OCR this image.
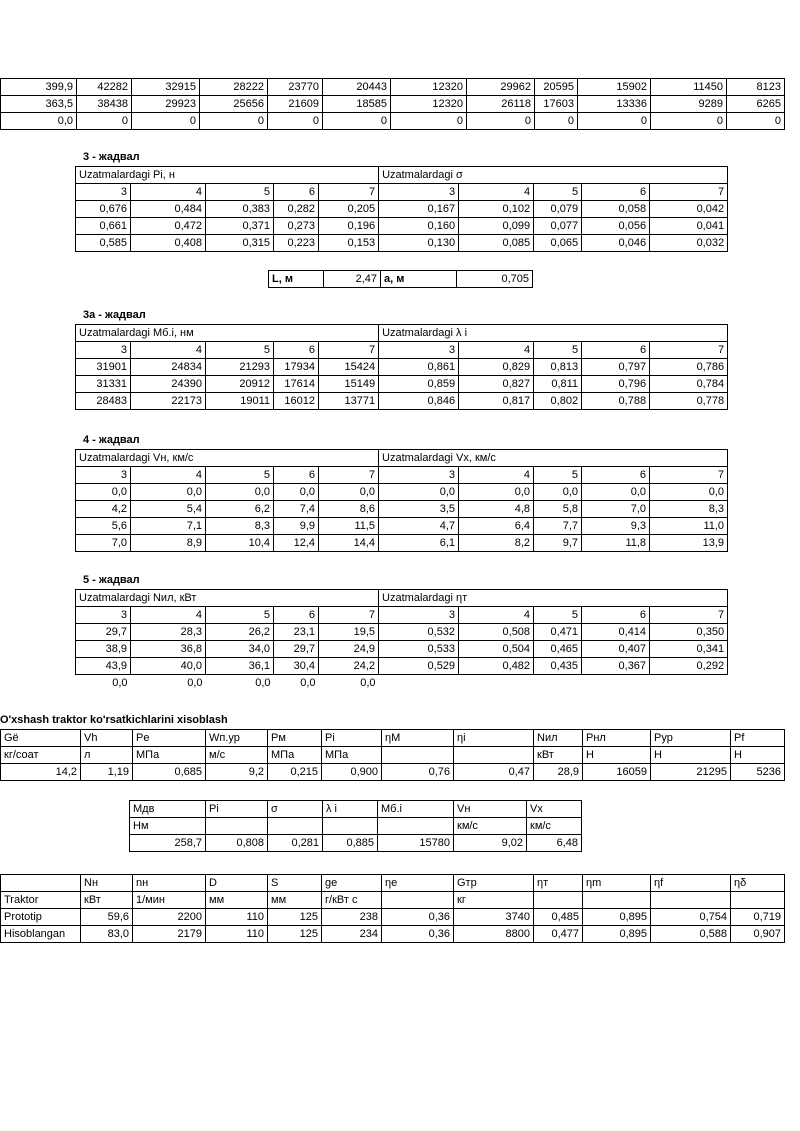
399,9	42282	32915	28222	23770	20443	12320	29962	20595	15902	11450	8123
363,5	38438	29923	25656	21609	18585	12320	26118	17603	13336	9289	6265
0,0	0	0	0	0	0	0	0	0	0	0	0
3 - жадвал
Uzatmalardagi Pi, н					Uzatmalardagi σ				
3	4	5	6	7	3	4	5	6	7
0,676	0,484	0,383	0,282	0,205	0,167	0,102	0,079	0,058	0,042
0,661	0,472	0,371	0,273	0,196	0,160	0,099	0,077	0,056	0,041
0,585	0,408	0,315	0,223	0,153	0,130	0,085	0,065	0,046	0,032
L, м	2,47	a, м	0,705
3а - жадвал
Uzatmalardagi Mб.i, нм					Uzatmalardagi λ i				
3	4	5	6	7	3	4	5	6	7
31901	24834	21293	17934	15424	0,861	0,829	0,813	0,797	0,786
31331	24390	20912	17614	15149	0,859	0,827	0,811	0,796	0,784
28483	22173	19011	16012	13771	0,846	0,817	0,802	0,788	0,778
4 - жадвал
Uzatmalardagi Vн, км/с					Uzatmalardagi Vx, км/с				
3	4	5	6	7	3	4	5	6	7
0,0	0,0	0,0	0,0	0,0	0,0	0,0	0,0	0,0	0,0
4,2	5,4	6,2	7,4	8,6	3,5	4,8	5,8	7,0	8,3
5,6	7,1	8,3	9,9	11,5	4,7	6,4	7,7	9,3	11,0
7,0	8,9	10,4	12,4	14,4	6,1	8,2	9,7	11,8	13,9
5 - жадвал
Uzatmalardagi Nил, кВт					Uzatmalardagi ηт				
3	4	5	6	7	3	4	5	6	7
29,7	28,3	26,2	23,1	19,5	0,532	0,508	0,471	0,414	0,350
38,9	36,8	34,0	29,7	24,9	0,533	0,504	0,465	0,407	0,341
43,9	40,0	36,1	30,4	24,2	0,529	0,482	0,435	0,367	0,292
0,0	0,0	0,0	0,0	0,0					
O'xshash traktor ko'rsatkichlarini xisoblash
Gё	Vh	Pe	Wп.ур	Pм	Pi	ηM	ηi	Nил	Pнл	Pур	Pf
кг/соат	л	МПа	м/с	МПа	МПа			кВт	Н	Н	Н
14,2	1,19	0,685	9,2	0,215	0,900	0,76	0,47	28,9	16059	21295	5236
Mдв	Pi	σ	λ i	Mб.i	Vн	Vx
Нм					км/с	км/с
258,7	0,808	0,281	0,885	15780	9,02	6,48
	Nн	nн	D	S	ge	ηe	Gтр	ηт	ηm	ηf	ηδ
Traktor	кВт	1/мин	мм	мм	г/кВт с		кг				
Prototip	59,6	2200	110	125	238	0,36	3740	0,485	0,895	0,754	0,719
Hisoblangan	83,0	2179	110	125	234	0,36	8800	0,477	0,895	0,588	0,907
